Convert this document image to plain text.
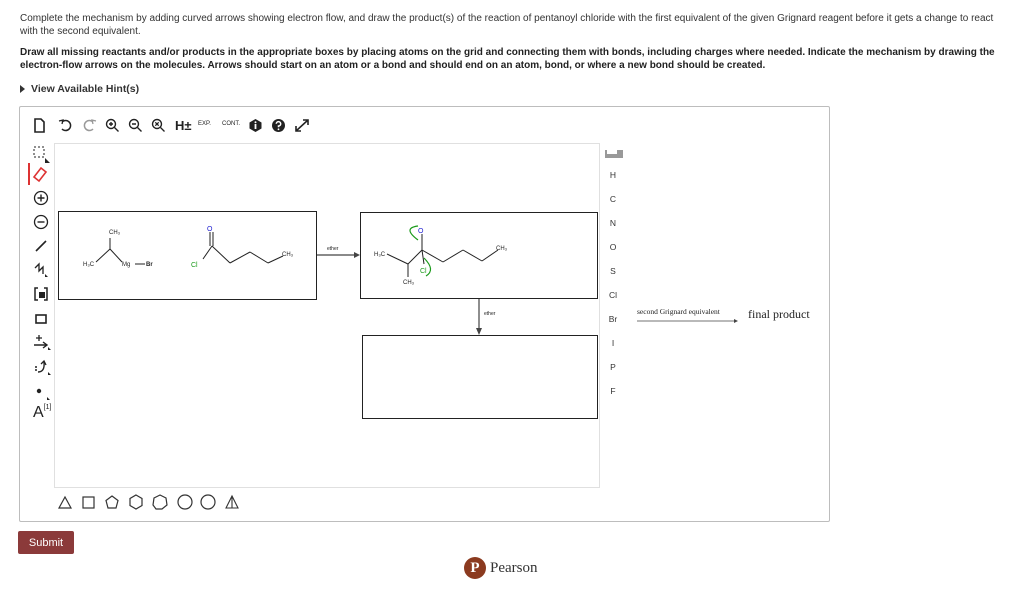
Complete the mechanism by adding curved arrows showing electron flow, and draw the product(s) of the reaction of pentanoyl chloride with the first equivalent of the given Grignard reagent before it gets a change to react with the second equivalent.
Draw all missing reactants and/or products in the appropriate boxes by placing atoms on the grid and connecting them with bonds, including charges where needed. Indicate the mechanism by drawing the electron-flow arrows on the molecules. Arrows should start on an atom or a bond and should end on an atom, bond, or where a new bond should be created.
View Available Hint(s)
H± EXP. CONT.
A[1]
H₃C
CH₃
Mg	Br
O
Cl
CH₃	H₃C
CH₃
O
Cl
CH₃
ether
ether
H
C
N
O
S
Cl
Br
I
P
F
second Grignard equivalent final product
Submit
P Pearson
